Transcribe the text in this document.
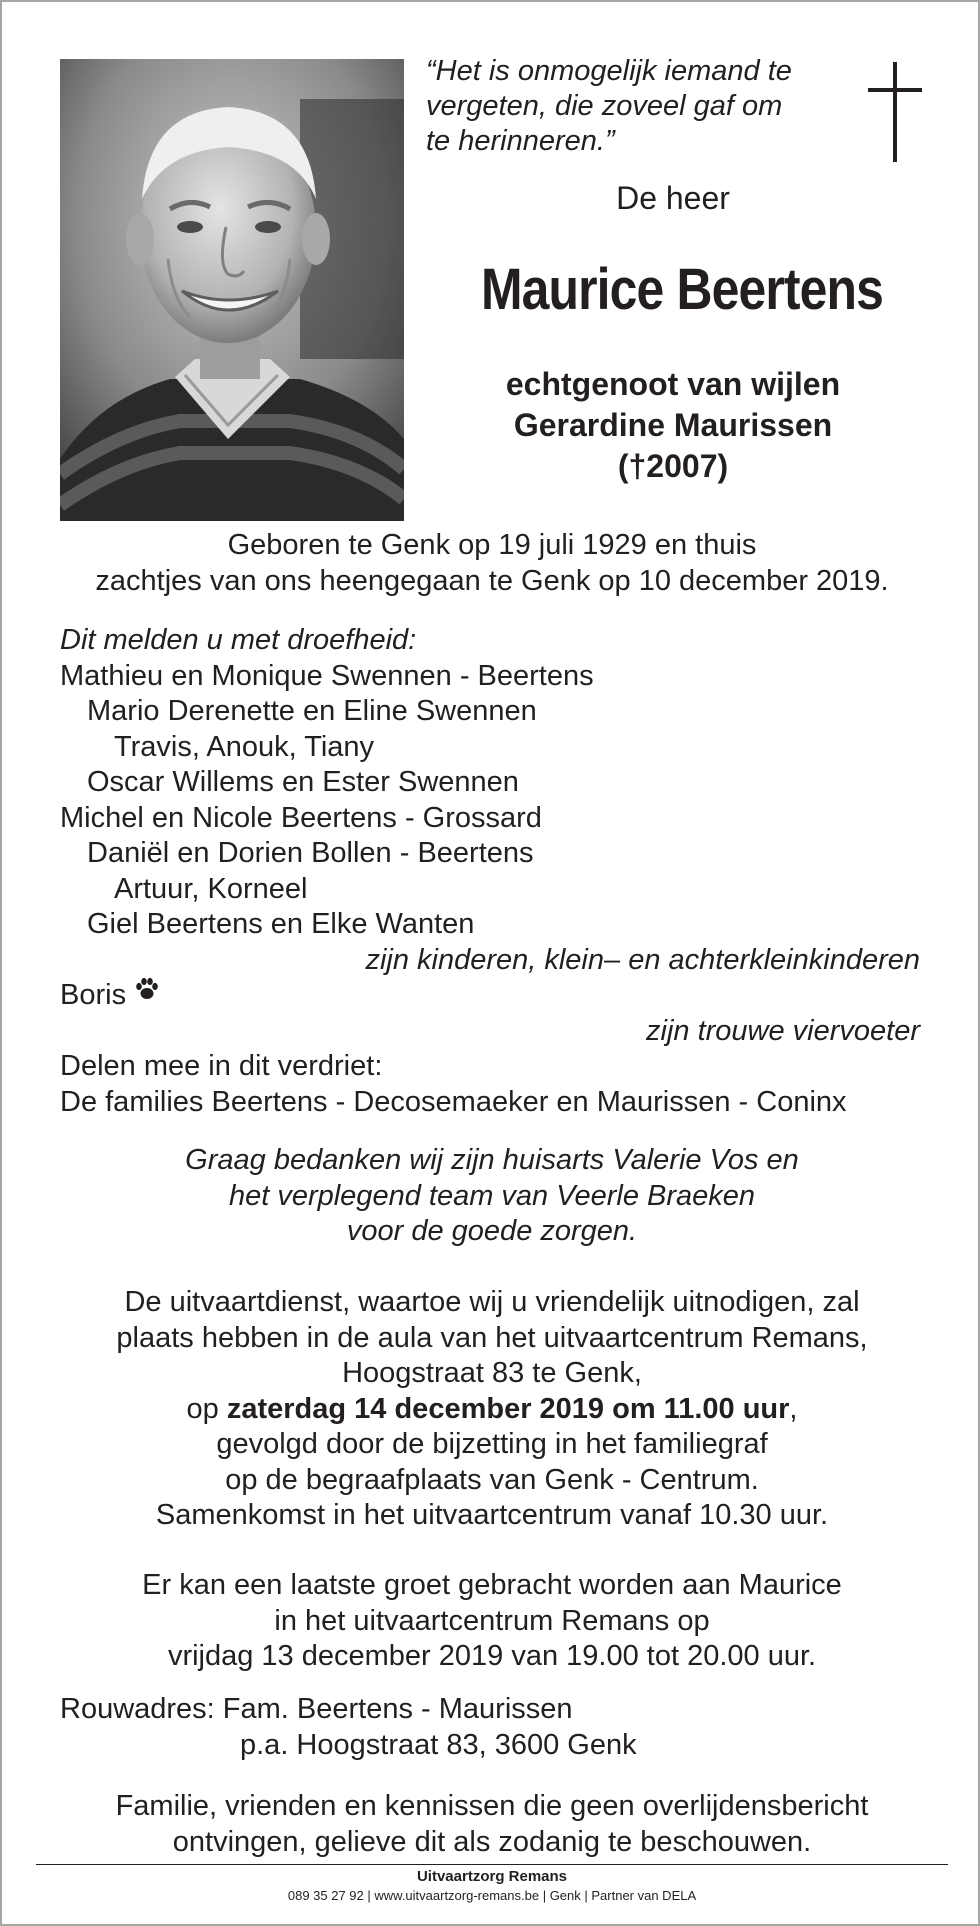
“Het is onmogelijk iemand te
vergeten, die zoveel gaf om
te herinneren.”
De heer
Maurice Beertens
echtgenoot van wijlen
Gerardine Maurissen
(†2007)
Geboren te Genk op 19 juli 1929 en thuis
zachtjes van ons heengegaan te Genk op 10 december 2019.
Dit melden u met droefheid:
Mathieu en Monique Swennen - Beertens
Mario Derenette en Eline Swennen
Travis, Anouk, Tiany
Oscar Willems en Ester Swennen
Michel en Nicole Beertens - Grossard
Daniël en Dorien Bollen - Beertens
Artuur, Korneel
Giel Beertens en Elke Wanten
zijn kinderen, klein– en achterkleinkinderen
Boris
zijn trouwe viervoeter
Delen mee in dit verdriet:
De families Beertens - Decosemaeker en Maurissen - Coninx
Graag bedanken wij zijn huisarts Valerie Vos en
het verplegend team van Veerle Braeken
voor de goede zorgen.
De uitvaartdienst, waartoe wij u vriendelijk uitnodigen, zal
plaats hebben in de aula van het uitvaartcentrum Remans,
Hoogstraat 83 te Genk,
op zaterdag 14 december 2019 om 11.00 uur,
gevolgd door de bijzetting in het familiegraf
op de begraafplaats van Genk - Centrum.
Samenkomst in het uitvaartcentrum vanaf 10.30 uur.
Er kan een laatste groet gebracht worden aan Maurice
in het uitvaartcentrum Remans op
vrijdag 13 december 2019 van 19.00 tot 20.00 uur.
Rouwadres: Fam. Beertens - Maurissen
p.a. Hoogstraat 83, 3600 Genk
Familie, vrienden en kennissen die geen overlijdensbericht
ontvingen, gelieve dit als zodanig te beschouwen.
Uitvaartzorg Remans
089 35 27 92 | www.uitvaartzorg-remans.be | Genk | Partner van DELA
